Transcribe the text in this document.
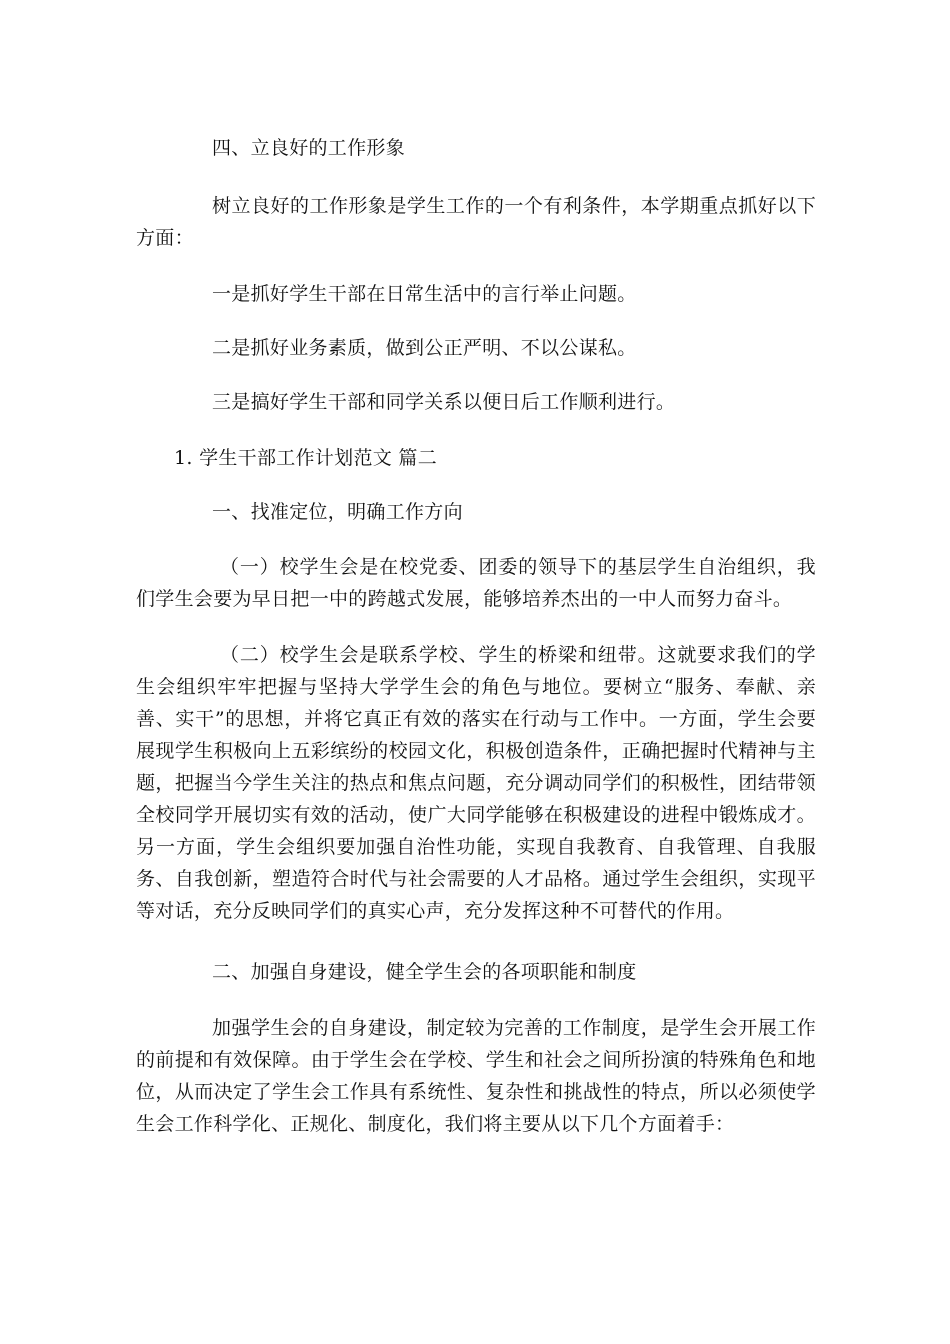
四、立良好的工作形象
树立良好的工作形象是学生工作的一个有利条件，本学期重点抓好以下方面：
一是抓好学生干部在日常生活中的言行举止问题。
二是抓好业务素质，做到公正严明、不以公谋私。
三是搞好学生干部和同学关系以便日后工作顺利进行。
1. 学生干部工作计划范文 篇二
一、找准定位，明确工作方向
（一）校学生会是在校党委、团委的领导下的基层学生自治组织，我们学生会要为早日把一中的跨越式发展，能够培养杰出的一中人而努力奋斗。
（二）校学生会是联系学校、学生的桥梁和纽带。这就要求我们的学生会组织牢牢把握与坚持大学学生会的角色与地位。要树立“服务、奉献、亲善、实干”的思想，并将它真正有效的落实在行动与工作中。一方面，学生会要展现学生积极向上五彩缤纷的校园文化，积极创造条件，正确把握时代精神与主题，把握当今学生关注的热点和焦点问题，充分调动同学们的积极性，团结带领全校同学开展切实有效的活动，使广大同学能够在积极建设的进程中锻炼成才。另一方面，学生会组织要加强自治性功能，实现自我教育、自我管理、自我服务、自我创新，塑造符合时代与社会需要的人才品格。通过学生会组织，实现平等对话，充分反映同学们的真实心声，充分发挥这种不可替代的作用。
二、加强自身建设，健全学生会的各项职能和制度
加强学生会的自身建设，制定较为完善的工作制度，是学生会开展工作的前提和有效保障。由于学生会在学校、学生和社会之间所扮演的特殊角色和地位，从而决定了学生会工作具有系统性、复杂性和挑战性的特点，所以必须使学生会工作科学化、正规化、制度化，我们将主要从以下几个方面着手：
